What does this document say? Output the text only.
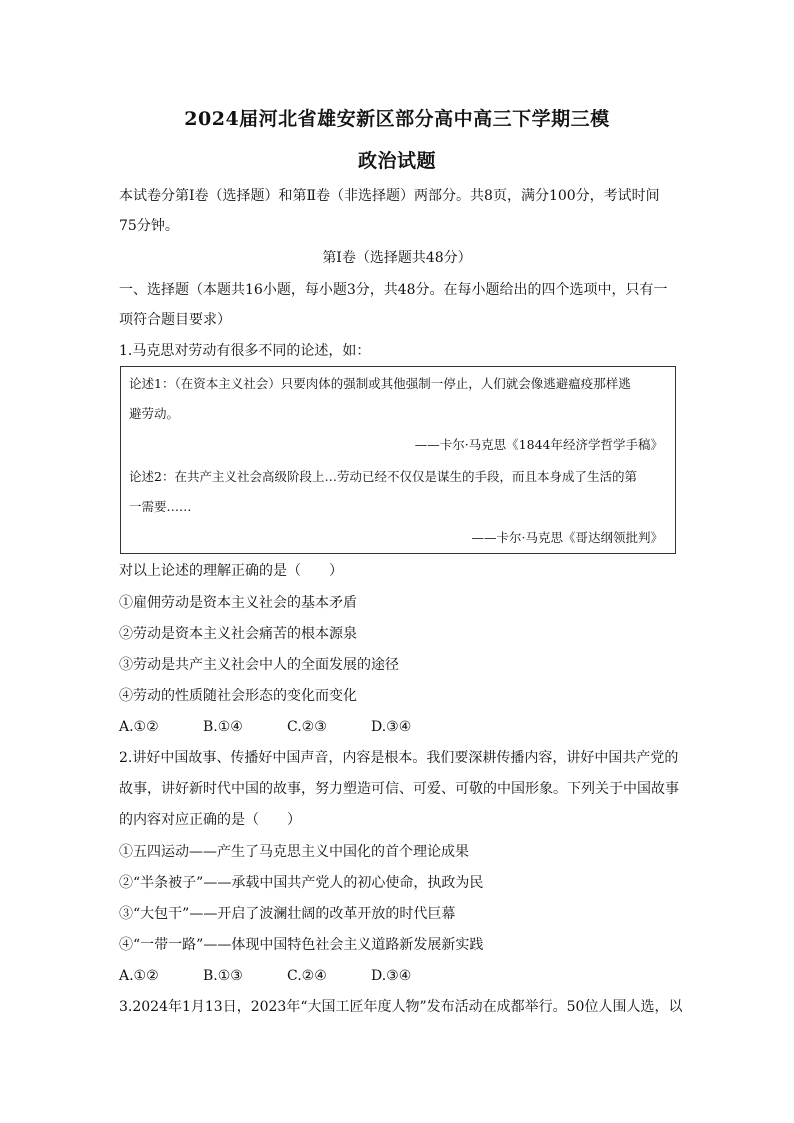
2024届河北省雄安新区部分高中高三下学期三模
政治试题
本试卷分第Ⅰ卷（选择题）和第Ⅱ卷（非选择题）两部分。共8页，满分100分，考试时间
75分钟。
第Ⅰ卷（选择题共48分）
一、选择题（本题共16小题，每小题3分，共48分。在每小题给出的四个选项中，只有一
项符合题目要求）
1.马克思对劳动有很多不同的论述，如：
论述1：（在资本主义社会）只要肉体的强制或其他强制一停止，人们就会像逃避瘟疫那样逃
避劳动。
——卡尔·马克思《1844年经济学哲学手稿》
论述2：在共产主义社会高级阶段上…劳动已经不仅仅是谋生的手段，而且本身成了生活的第
一需要……
——卡尔·马克思《哥达纲领批判》
对以上论述的理解正确的是（　　）
①雇佣劳动是资本主义社会的基本矛盾
②劳动是资本主义社会痛苦的根本源泉
③劳动是共产主义社会中人的全面发展的途径
④劳动的性质随社会形态的变化而变化
A.①②	B.①④	C.②③	D.③④
2.讲好中国故事、传播好中国声音，内容是根本。我们要深耕传播内容，讲好中国共产党的
故事，讲好新时代中国的故事，努力塑造可信、可爱、可敬的中国形象。下列关于中国故事
的内容对应正确的是（　　）
①五四运动——产生了马克思主义中国化的首个理论成果
②“半条被子”——承载中国共产党人的初心使命，执政为民
③“大包干”——开启了波澜壮阔的改革开放的时代巨幕
④“一带一路”——体现中国特色社会主义道路新发展新实践
A.①②	B.①③	C.②④	D.③④
3.2024年1月13日，2023年“大国工匠年度人物”发布活动在成都举行。50位人围人选，以
